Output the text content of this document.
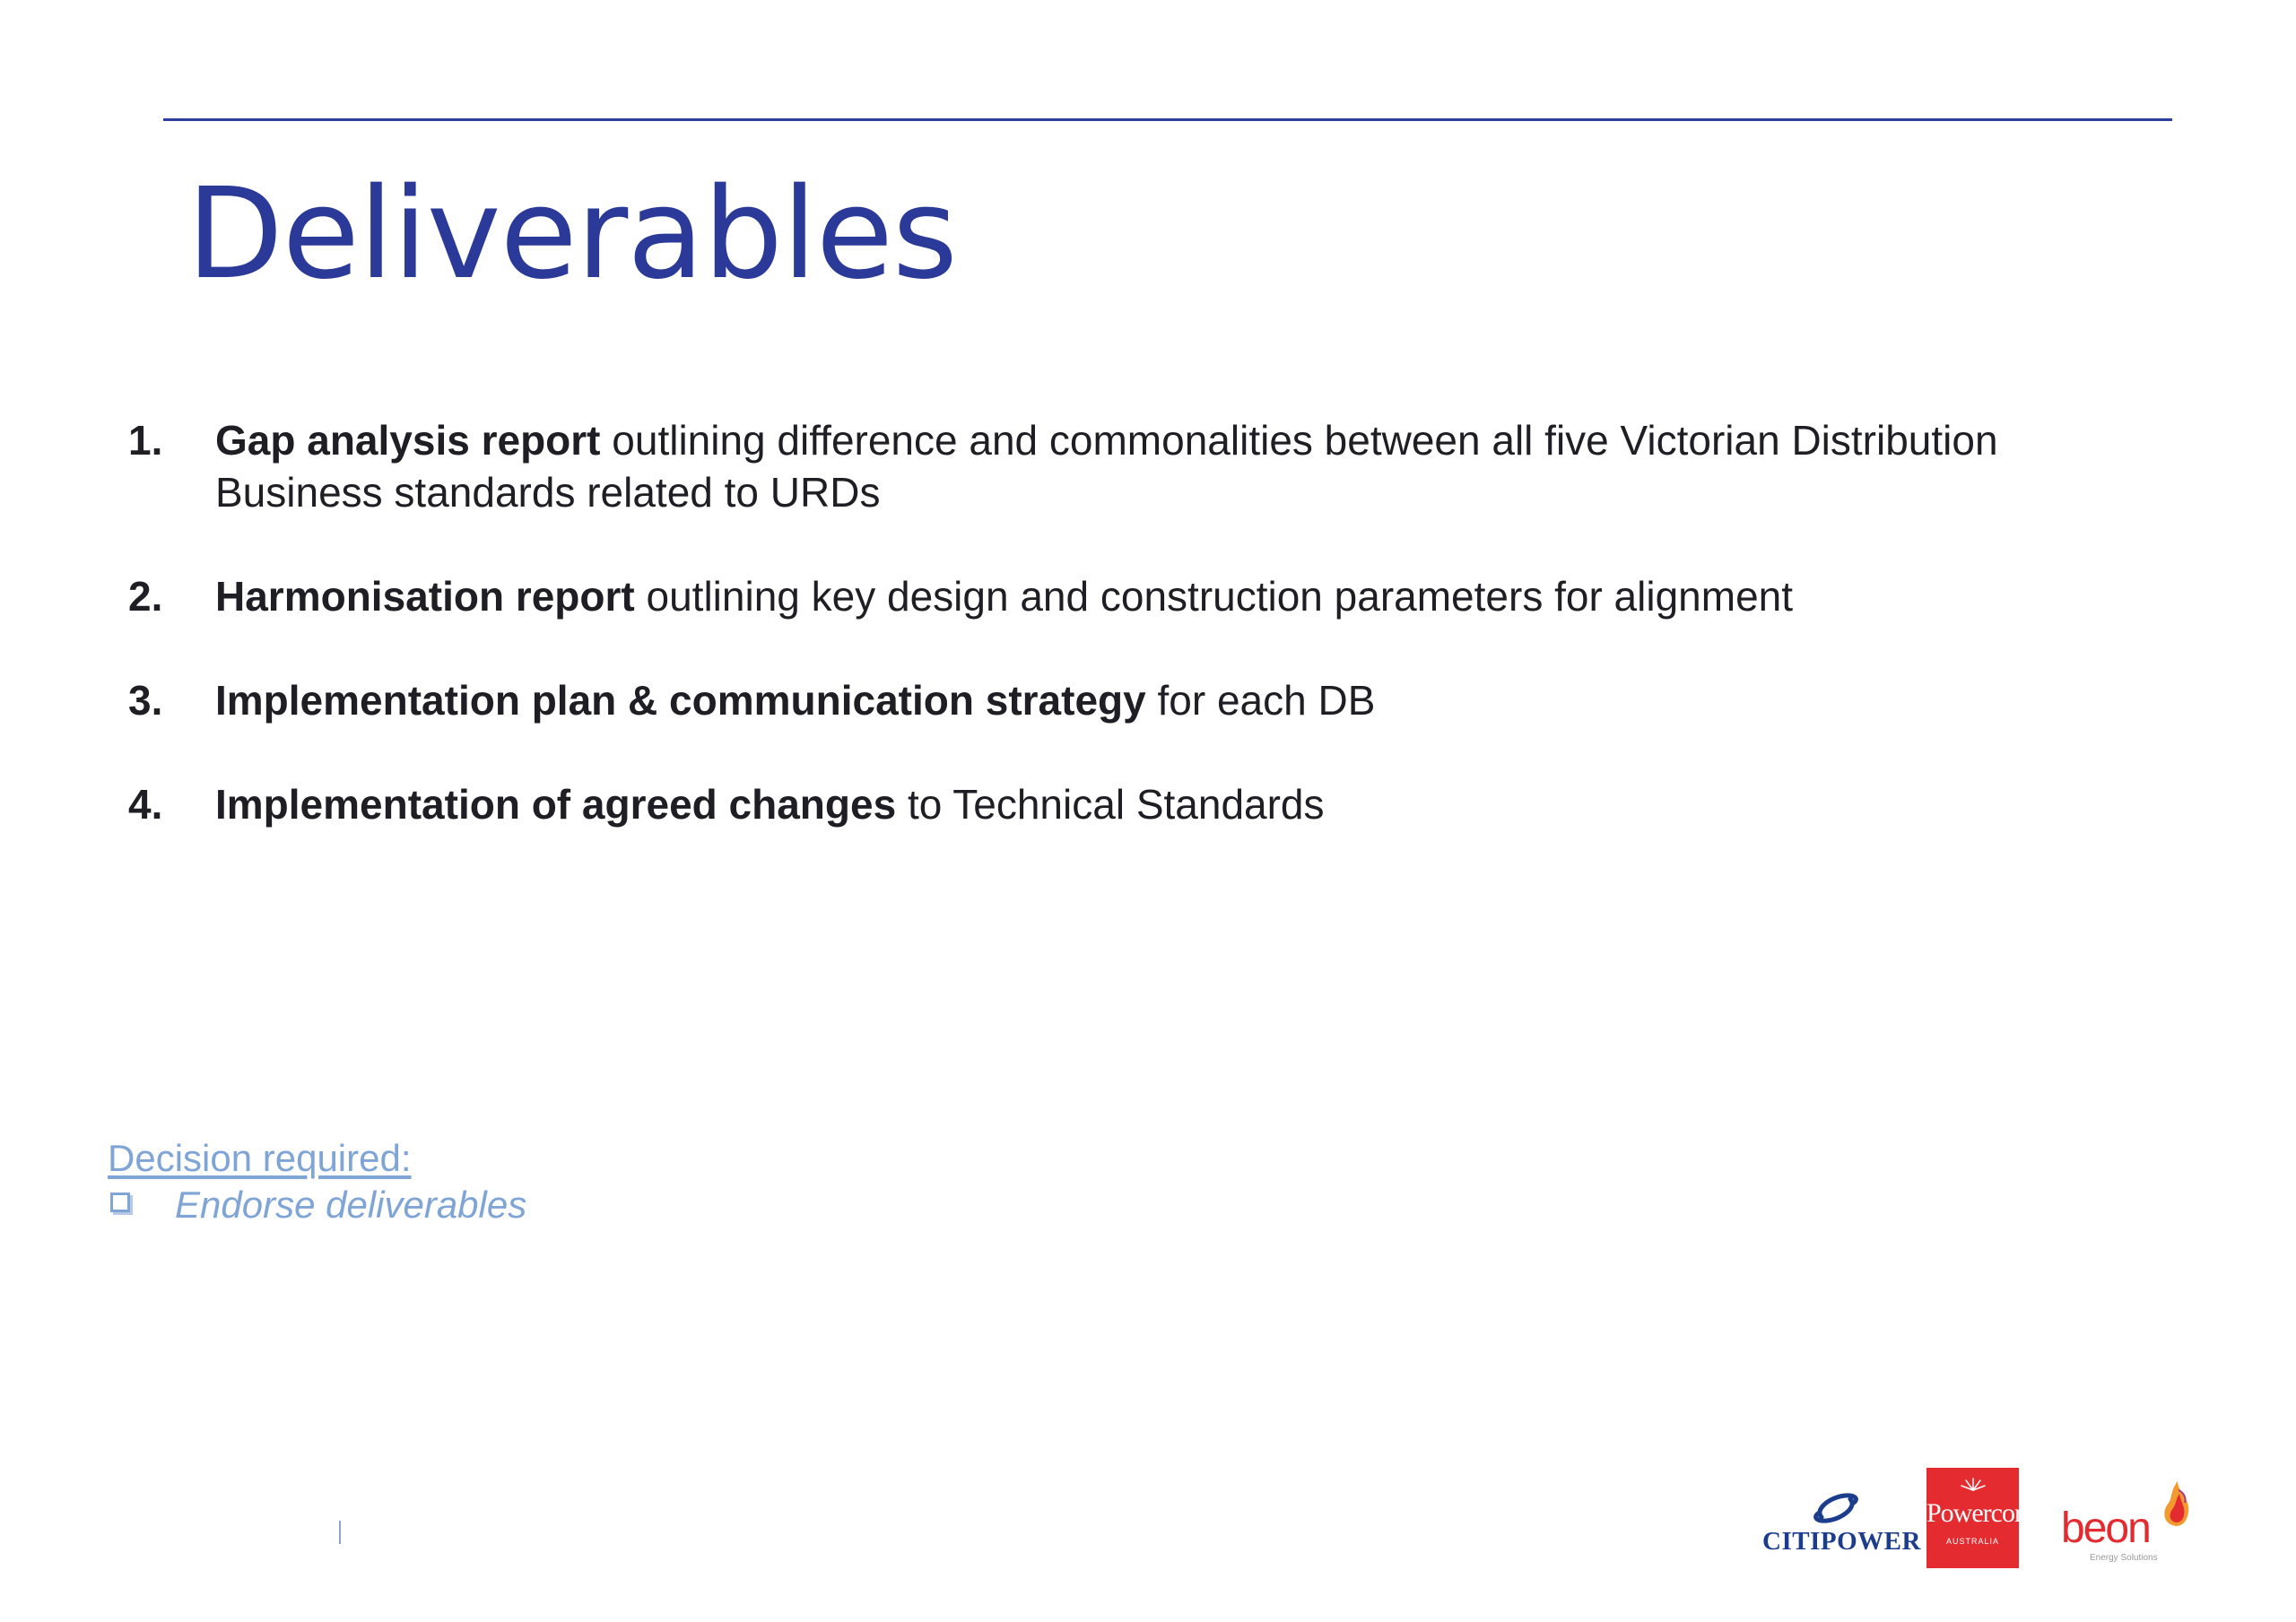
Deliverables
1. Gap analysis report outlining difference and commonalities between all five Victorian Distribution Business standards related to URDs
2. Harmonisation report outlining key design and construction parameters for alignment
3. Implementation plan & communication strategy for each DB
4. Implementation of agreed changes to Technical Standards
Decision required:
Endorse deliverables
CITIPOWER
Powercor
AUSTRALIA	beon
Energy Solutions
